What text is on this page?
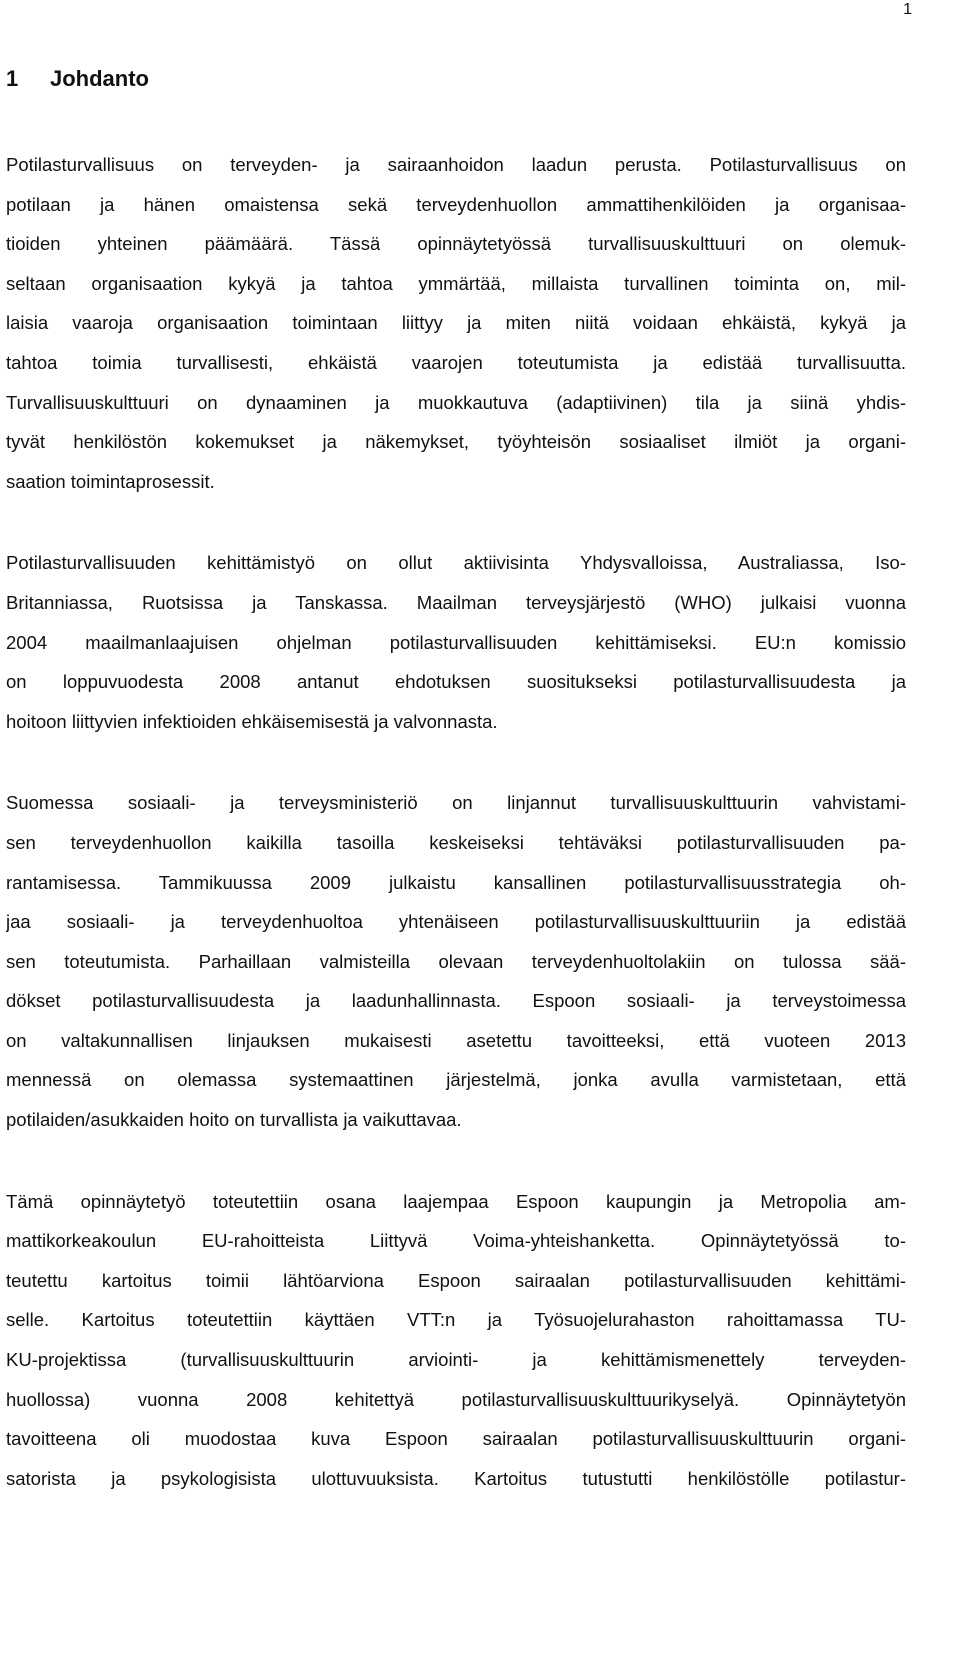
1
1 Johdanto
Potilasturvallisuus on terveyden- ja sairaanhoidon laadun perusta. Potilasturvallisuus on
potilaan ja hänen omaistensa sekä terveydenhuollon ammattihenkilöiden ja organisaa-
tioiden yhteinen päämäärä. Tässä opinnäytetyössä turvallisuuskulttuuri on olemuk-
seltaan organisaation kykyä ja tahtoa ymmärtää, millaista turvallinen toiminta on, mil-
laisia vaaroja organisaation toimintaan liittyy ja miten niitä voidaan ehkäistä, kykyä ja
tahtoa toimia turvallisesti, ehkäistä vaarojen toteutumista ja edistää turvallisuutta.
Turvallisuuskulttuuri on dynaaminen ja muokkautuva (adaptiivinen) tila ja siinä yhdis-
tyvät henkilöstön kokemukset ja näkemykset, työyhteisön sosiaaliset ilmiöt ja organi-
saation toimintaprosessit.
Potilasturvallisuuden kehittämistyö on ollut aktiivisinta Yhdysvalloissa, Australiassa, Iso-
Britanniassa, Ruotsissa ja Tanskassa. Maailman terveysjärjestö (WHO) julkaisi vuonna
2004 maailmanlaajuisen ohjelman potilasturvallisuuden kehittämiseksi. EU:n komissio
on loppuvuodesta 2008 antanut ehdotuksen suositukseksi potilasturvallisuudesta ja
hoitoon liittyvien infektioiden ehkäisemisestä ja valvonnasta.
Suomessa sosiaali- ja terveysministeriö on linjannut turvallisuuskulttuurin vahvistami-
sen terveydenhuollon kaikilla tasoilla keskeiseksi tehtäväksi potilasturvallisuuden pa-
rantamisessa. Tammikuussa 2009 julkaistu kansallinen potilasturvallisuusstrategia oh-
jaa sosiaali- ja terveydenhuoltoa yhtenäiseen potilasturvallisuuskulttuuriin ja edistää
sen toteutumista. Parhaillaan valmisteilla olevaan terveydenhuoltolakiin on tulossa sää-
dökset potilasturvallisuudesta ja laadunhallinnasta. Espoon sosiaali- ja terveystoimessa
on valtakunnallisen linjauksen mukaisesti asetettu tavoitteeksi, että vuoteen 2013
mennessä on olemassa systemaattinen järjestelmä, jonka avulla varmistetaan, että
potilaiden/asukkaiden hoito on turvallista ja vaikuttavaa.
Tämä opinnäytetyö toteutettiin osana laajempaa Espoon kaupungin ja Metropolia am-
mattikorkeakoulun EU-rahoitteista Liittyvä Voima-yhteishanketta. Opinnäytetyössä to-
teutettu kartoitus toimii lähtöarviona Espoon sairaalan potilasturvallisuuden kehittämi-
selle. Kartoitus toteutettiin käyttäen VTT:n ja Työsuojelurahaston rahoittamassa TU-
KU-projektissa (turvallisuuskulttuurin arviointi- ja kehittämismenettely terveyden-
huollossa) vuonna 2008 kehitettyä potilasturvallisuuskulttuurikyselyä. Opinnäytetyön
tavoitteena oli muodostaa kuva Espoon sairaalan potilasturvallisuuskulttuurin organi-
satorista ja psykologisista ulottuvuuksista. Kartoitus tutustutti henkilöstölle potilastur-
